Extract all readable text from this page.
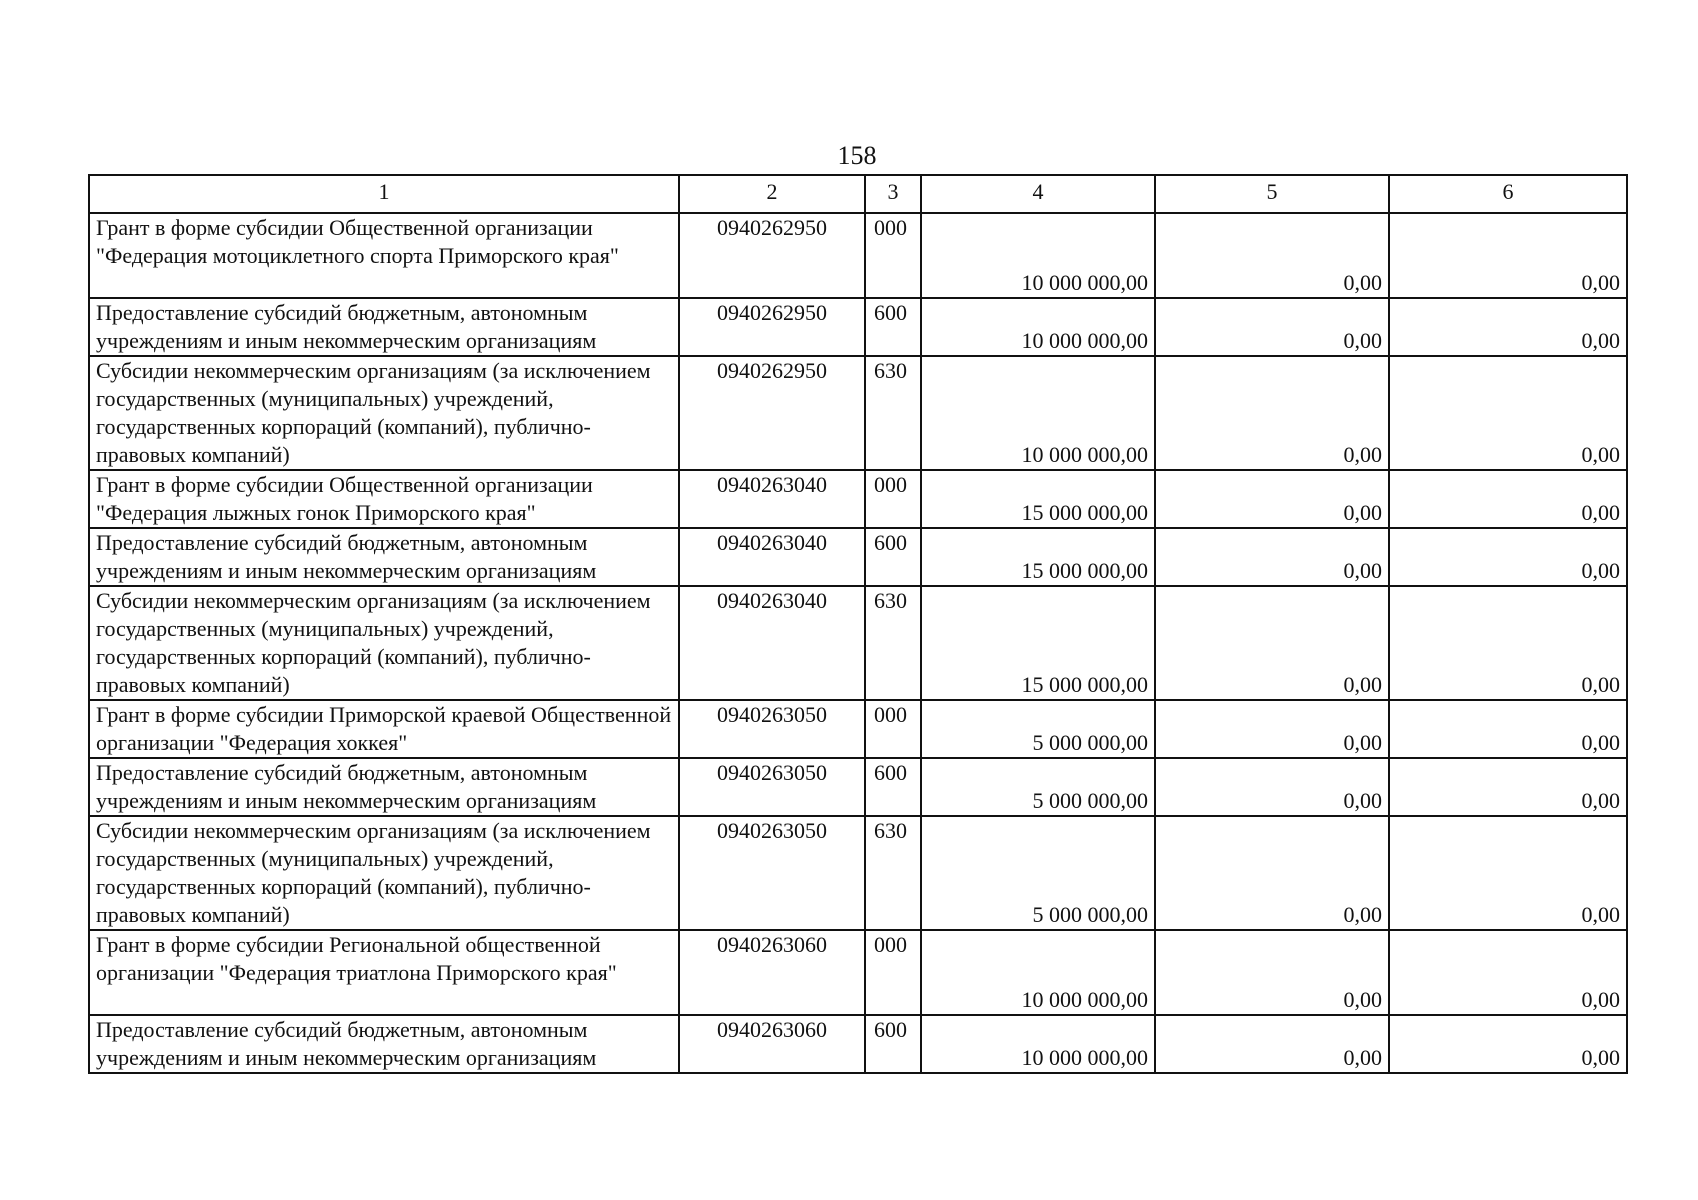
158
1	2	3	4	5	6
Грант в форме субсидии Общественной организации "Федерация мотоциклетного спорта Приморского края"	0940262950	000	10 000 000,00	0,00	0,00
Предоставление субсидий бюджетным, автономным учреждениям и иным некоммерческим организациям	0940262950	600	10 000 000,00	0,00	0,00
Субсидии некоммерческим организациям (за исключением государственных (муниципальных) учреждений, государственных корпораций (компаний), публично-правовых компаний)	0940262950	630	10 000 000,00	0,00	0,00
Грант в форме субсидии Общественной организации "Федерация лыжных гонок Приморского края"	0940263040	000	15 000 000,00	0,00	0,00
Предоставление субсидий бюджетным, автономным учреждениям и иным некоммерческим организациям	0940263040	600	15 000 000,00	0,00	0,00
Субсидии некоммерческим организациям (за исключением государственных (муниципальных) учреждений, государственных корпораций (компаний), публично-правовых компаний)	0940263040	630	15 000 000,00	0,00	0,00
Грант в форме субсидии Приморской краевой Общественной организации "Федерация хоккея"	0940263050	000	5 000 000,00	0,00	0,00
Предоставление субсидий бюджетным, автономным учреждениям и иным некоммерческим организациям	0940263050	600	5 000 000,00	0,00	0,00
Субсидии некоммерческим организациям (за исключением государственных (муниципальных) учреждений, государственных корпораций (компаний), публично-правовых компаний)	0940263050	630	5 000 000,00	0,00	0,00
Грант в форме субсидии Региональной общественной организации "Федерация триатлона Приморского края"	0940263060	000	10 000 000,00	0,00	0,00
Предоставление субсидий бюджетным, автономным учреждениям и иным некоммерческим организациям	0940263060	600	10 000 000,00	0,00	0,00
